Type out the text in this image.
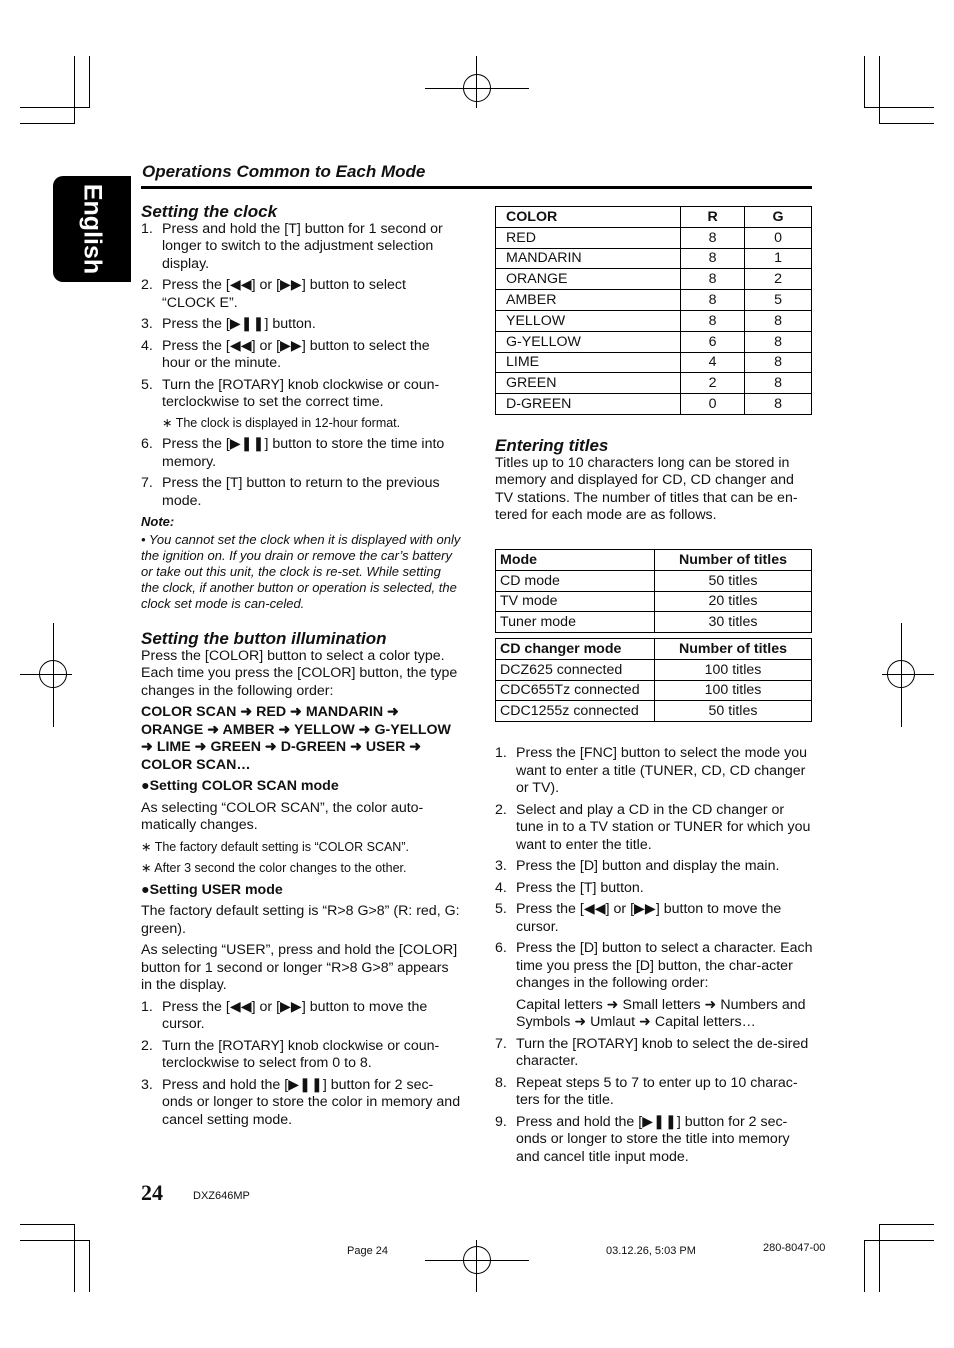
English
Operations Common to Each Mode
Setting the clock
1. Press and hold the [T] button for 1 second or longer to switch to the adjustment selection display.
2. Press the [◀◀] or [▶▶] button to select “CLOCK E”.
3. Press the [▶❚❚] button.
4. Press the [◀◀] or [▶▶] button to select the hour or the minute.
5. Turn the [ROTARY] knob clockwise or coun-terclockwise to set the correct time.
∗ The clock is displayed in 12-hour format.
6. Press the [▶❚❚] button to store the time into memory.
7. Press the [T] button to return to the previous mode.
Note:
• You cannot set the clock when it is displayed with only the ignition on. If you drain or remove the car’s battery or take out this unit, the clock is re-set. While setting the clock, if another button or operation is selected, the clock set mode is can-celed.
Setting the button illumination

Press the [COLOR] button to select a color type. Each time you press the [COLOR] button, the type changes in the following order:

COLOR SCAN ➜ RED ➜ MANDARIN ➜ ORANGE ➜ AMBER ➜ YELLOW ➜ G-YELLOW ➜ LIME ➜ GREEN ➜ D-GREEN ➜ USER ➜ COLOR SCAN…

●Setting COLOR SCAN mode

As selecting “COLOR SCAN”, the color auto-matically changes.

∗ The factory default setting is “COLOR SCAN”.

∗ After 3 second the color changes to the other.

●Setting USER mode

The factory default setting is “R>8 G>8” (R: red, G: green).

As selecting “USER”, press and hold the [COLOR] button for 1 second or longer “R>8 G>8” appears in the display.

1. Press the [◀◀] or [▶▶] button to move the cursor.
2. Turn the [ROTARY] knob clockwise or coun-terclockwise to select from 0 to 8.
3. Press and hold the [▶❚❚] button for 2 sec-onds or longer to store the color in memory and cancel setting mode.
COLOR	R	G
RED	8	0
MANDARIN	8	1
ORANGE	8	2
AMBER	8	5
YELLOW	8	8
G-YELLOW	6	8
LIME	4	8
GREEN	2	8
D-GREEN	0	8
Entering titles

Titles up to 10 characters long can be stored in memory and displayed for CD, CD changer and TV stations. The number of titles that can be en-tered for each mode are as follows.

Mode	Number of titles
CD mode	50 titles
TV mode	20 titles
Tuner mode	30 titles
CD changer mode	Number of titles
DCZ625 connected	100 titles
CDC655Tz connected	100 titles
CDC1255z connected	50 titles
1. Press the [FNC] button to select the mode you want to enter a title (TUNER, CD, CD changer or TV).
2. Select and play a CD in the CD changer or tune in to a TV station or TUNER for which you want to enter the title.
3. Press the [D] button and display the main.
4. Press the [T] button.
5. Press the [◀◀] or [▶▶] button to move the cursor.
6. Press the [D] button to select a character. Each time you press the [D] button, the char-acter changes in the following order:
Capital letters ➜ Small letters ➜ Numbers and Symbols ➜ Umlaut ➜ Capital letters…
7. Turn the [ROTARY] knob to select the de-sired character.
8. Repeat steps 5 to 7 to enter up to 10 charac-ters for the title.
9. Press and hold the [▶❚❚] button for 2 sec-onds or longer to store the title into memory and cancel title input mode.
24	DXZ646MP
Page 24	03.12.26, 5:03 PM	280-8047-00
